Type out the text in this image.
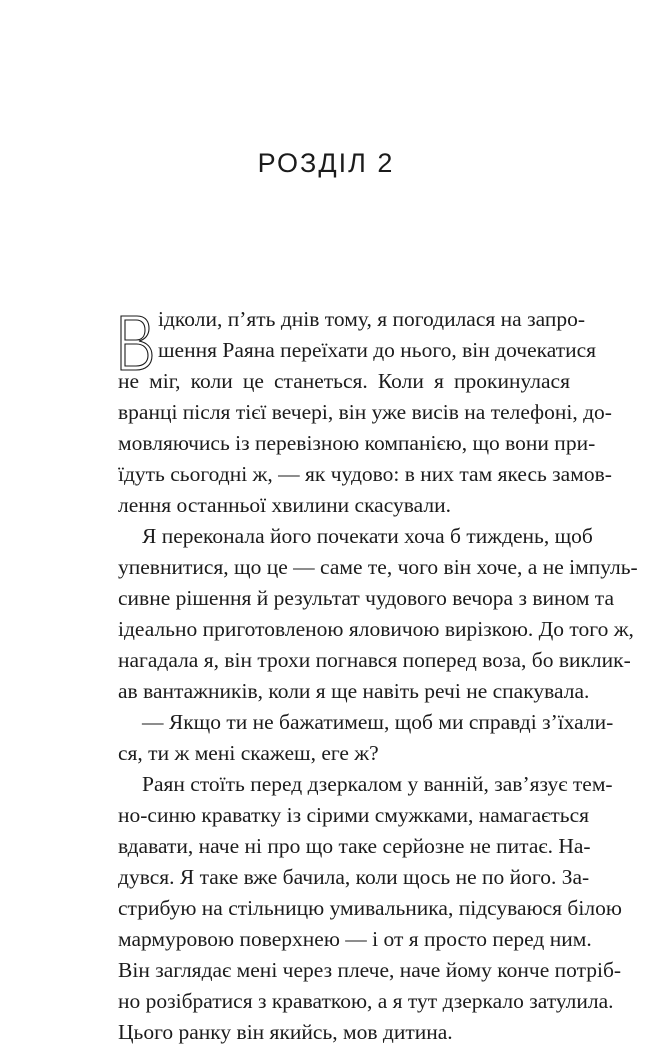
РОЗДІЛ 2
ідколи, п’ять днів тому, я погодилася на запро-
шення Раяна переїхати до нього, він дочекатися
не міг, коли це станеться. Коли я прокинулася
вранці після тієї вечері, він уже висів на телефоні, до-
мовляючись із перевізною компанією, що вони при-
їдуть сьогодні ж, — як чудово: в них там якесь замов-
лення останньої хвилини скасували.
Я переконала його почекати хоча б тиждень, щоб
упевнитися, що це — саме те, чого він хоче, а не імпуль-
сивне рішення й результат чудового вечора з вином та
ідеально приготовленою яловичою вирізкою. До того ж,
нагадала я, він трохи погнався поперед воза, бо виклик-
ав вантажників, коли я ще навіть речі не спакувала.
— Якщо ти не бажатимеш, щоб ми справді з’їхали-
ся, ти ж мені скажеш, еге ж?
Раян стоїть перед дзеркалом у ванній, зав’язує тем-
но-синю краватку із сірими смужками, намагається
вдавати, наче ні про що таке серйозне не питає. На-
дувся. Я таке вже бачила, коли щось не по його. За-
стрибую на стільницю умивальника, підсуваюся білою
мармуровою поверхнею — і от я просто перед ним.
Він заглядає мені через плече, наче йому конче потріб-
но розібратися з краваткою, а я тут дзеркало затулила.
Цього ранку він якийсь, мов дитина.
